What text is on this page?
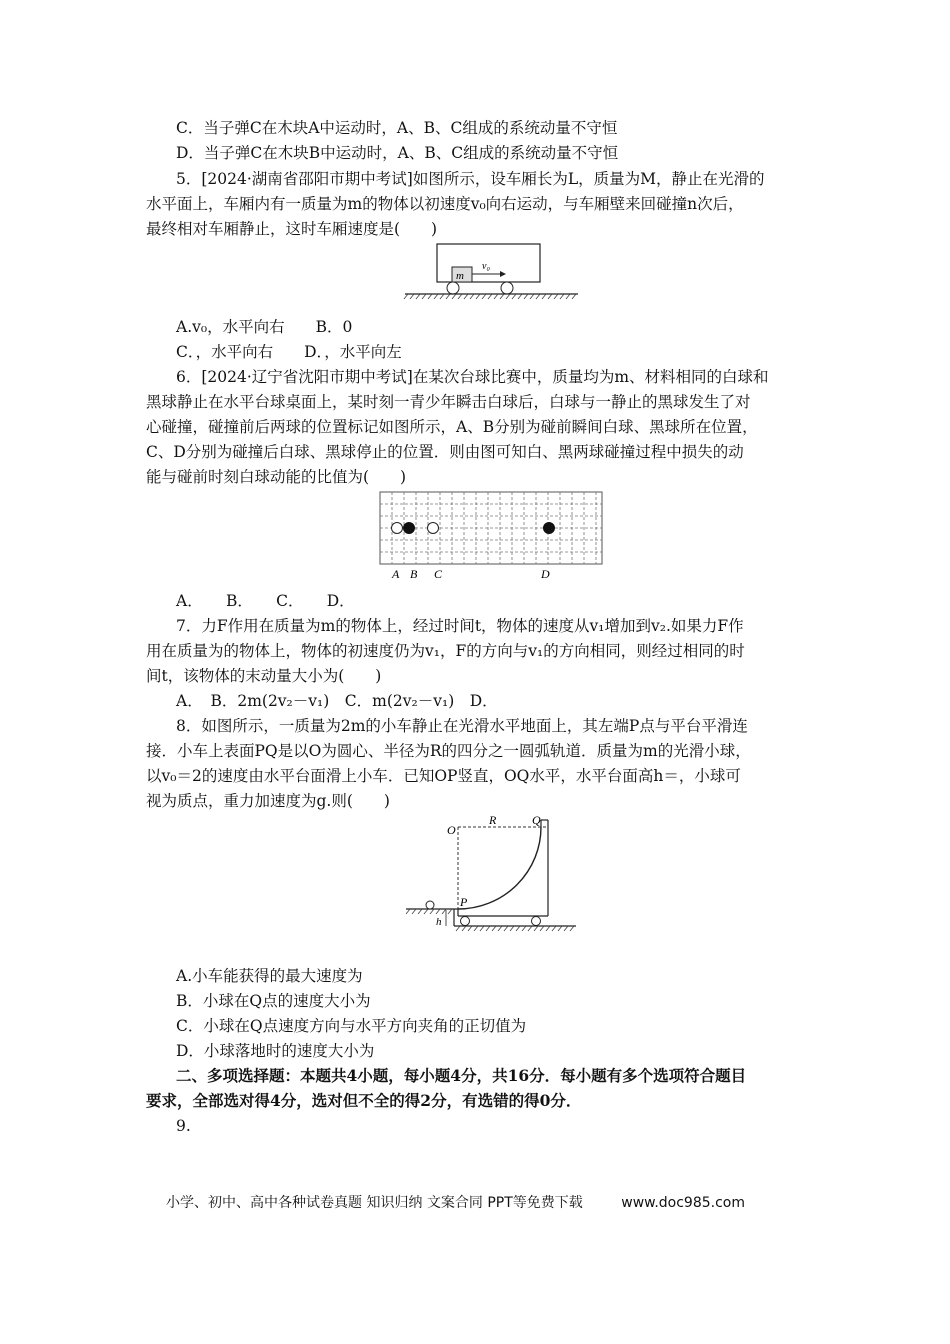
C．当子弹C在木块A中运动时，A、B、C组成的系统动量不守恒
D．当子弹C在木块B中运动时，A、B、C组成的系统动量不守恒
5．[2024·湖南省邵阳市期中考试]如图所示，设车厢长为L，质量为M，静止在光滑的
水平面上，车厢内有一质量为m的物体以初速度v₀向右运动，与车厢壁来回碰撞n次后，
最终相对车厢静止，这时车厢速度是(　　)
m
v₀
A.v₀，水平向右　　B．0
C．，水平向右　　D．，水平向左
6．[2024·辽宁省沈阳市期中考试]在某次台球比赛中，质量均为m、材料相同的白球和
黑球静止在水平台球桌面上，某时刻一青少年瞬击白球后，白球与一静止的黑球发生了对
心碰撞，碰撞前后两球的位置标记如图所示，A、B分别为碰前瞬间白球、黑球所在位置，
C、D分别为碰撞后白球、黑球停止的位置．则由图可知白、黑两球碰撞过程中损失的动
能与碰前时刻白球动能的比值为(　　)
A B C	D
A．　　B．　　C．　　D．
7．力F作用在质量为m的物体上，经过时间t，物体的速度从v₁增加到v₂.如果力F作
用在质量为的物体上，物体的初速度仍为v₁，F的方向与v₁的方向相同，则经过相同的时
间t，该物体的末动量大小为(　　)
A．　B．2m(2v₂－v₁)　C．m(2v₂－v₁)　D．
8．如图所示，一质量为2m的小车静止在光滑水平地面上，其左端P点与平台平滑连
接．小车上表面PQ是以O为圆心、半径为R的四分之一圆弧轨道．质量为m的光滑小球，
以v₀＝2的速度由水平台面滑上小车．已知OP竖直，OQ水平，水平台面高h＝，小球可
视为质点，重力加速度为g.则(　　)
O
R	Q
P
h
A.小车能获得的最大速度为
B．小球在Q点的速度大小为
C．小球在Q点速度方向与水平方向夹角的正切值为
D．小球落地时的速度大小为
二、多项选择题：本题共4小题，每小题4分，共16分．每小题有多个选项符合题目
要求，全部选对得4分，选对但不全的得2分，有选错的得0分．
9.
小学、初中、高中各种试卷真题 知识归纳 文案合同 PPT等免费下载	www.doc985.com
